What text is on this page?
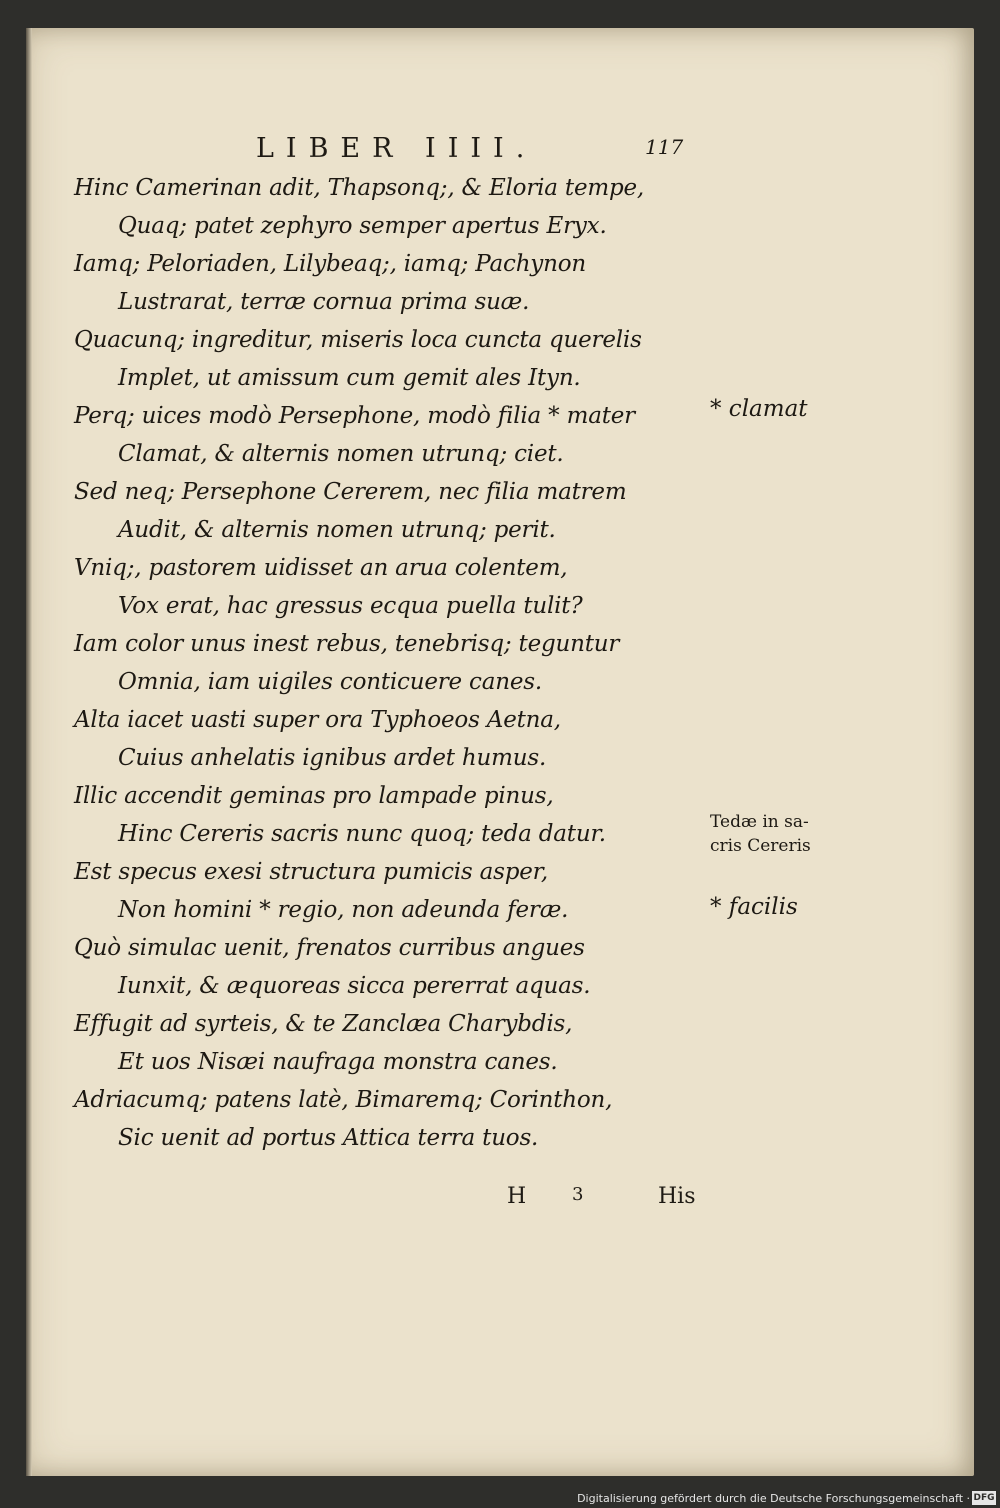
LIBER IIII.	117
Hinc Camerinan adit, Thapsonq;, & Eloria tempe,
Quaq; patet zephyro semper apertus Eryx.
Iamq; Peloriaden, Lilybeaq;, iamq; Pachynon
Lustrarat, terræ cornua prima suæ.
Quacunq; ingreditur, miseris loca cuncta querelis
Implet, ut amissum cum gemit ales Ityn.
Perq; uices modò Persephone, modò filia * mater
Clamat, & alternis nomen utrunq; ciet.
Sed neq; Persephone Cererem, nec filia matrem
Audit, & alternis nomen utrunq; perit.
Vniq;, pastorem uidisset an arua colentem,
Vox erat, hac gressus ecqua puella tulit?
Iam color unus inest rebus, tenebrisq; teguntur
Omnia, iam uigiles conticuere canes.
Alta iacet uasti super ora Typhoeos Aetna,
Cuius anhelatis ignibus ardet humus.
Illic accendit geminas pro lampade pinus,
Hinc Cereris sacris nunc quoq; teda datur.
Est specus exesi structura pumicis asper,
Non homini * regio, non adeunda feræ.
Quò simulac uenit, frenatos curribus angues
Iunxit, & æquoreas sicca pererrat aquas.
Effugit ad syrteis, & te Zanclæa Charybdis,
Et uos Nisæi naufraga monstra canes.
Adriacumq; patens latè, Bimaremq; Corinthon,
Sic uenit ad portus Attica terra tuos.
* clamat
Tedæ in sa-
cris Cereris
* facilis
H	3	His
Digitalisierung gefördert durch die Deutsche Forschungsgemeinschaft · DFG
